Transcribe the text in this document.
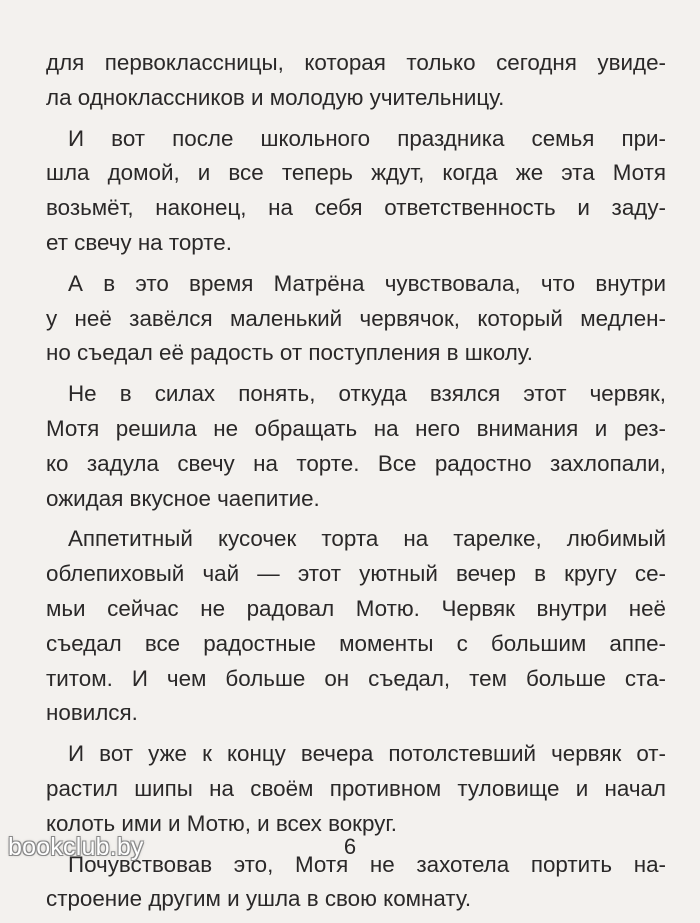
для первоклассницы, которая только сегодня увиде-
ла одноклассников и молодую учительницу.
И вот после школьного праздника семья при-
шла домой, и все теперь ждут, когда же эта Мотя
возьмёт, наконец, на себя ответственность и заду-
ет свечу на торте.
А в это время Матрёна чувствовала, что внутри
у неё завёлся маленький червячок, который медлен-
но съедал её радость от поступления в школу.
Не в силах понять, откуда взялся этот червяк,
Мотя решила не обращать на него внимания и рез-
ко задула свечу на торте. Все радостно захлопали,
ожидая вкусное чаепитие.
Аппетитный кусочек торта на тарелке, любимый
облепиховый чай — этот уютный вечер в кругу се-
мьи сейчас не радовал Мотю. Червяк внутри неё
съедал все радостные моменты с большим аппе-
титом. И чем больше он съедал, тем больше ста-
новился.
И вот уже к концу вечера потолстевший червяк от-
растил шипы на своём противном туловище и начал
колоть ими и Мотю, и всех вокруг.
Почувствовав это, Мотя не захотела портить на-
строение другим и ушла в свою комнату.
bookclub.by	6
